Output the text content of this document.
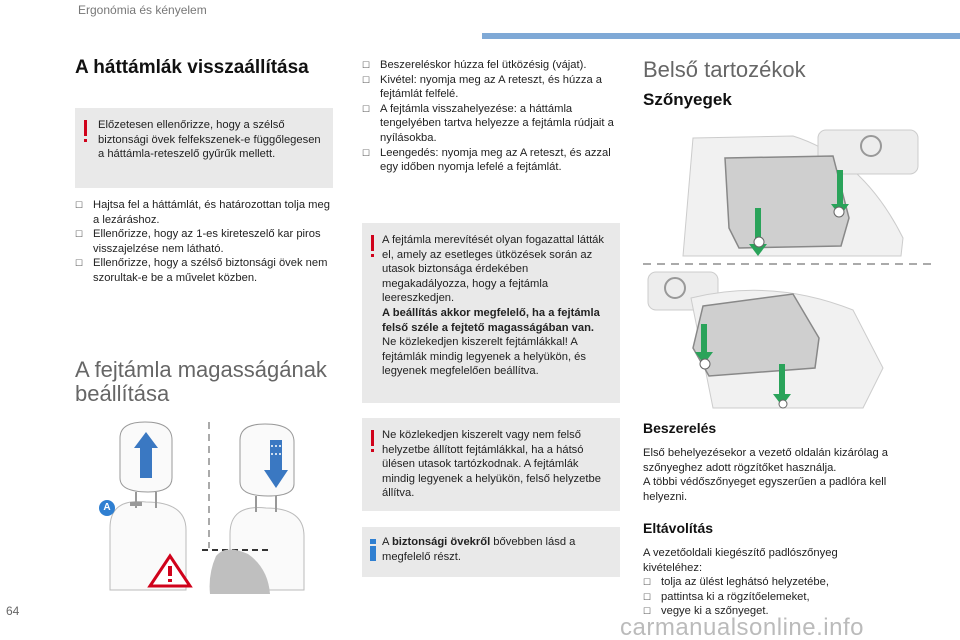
Ergonómia és kényelem
A háttámlák visszaállítása
Előzetesen ellenőrizze, hogy a szélső biztonsági övek felfekszenek-e függőlegesen a háttámla-reteszelő gyűrűk mellett.
☐ Hajtsa fel a háttámlát, és határozottan tolja meg a lezáráshoz.
☐ Ellenőrizze, hogy az 1-es kireteszelő kar piros visszajelzése nem látható.
☐ Ellenőrizze, hogy a szélső biztonsági övek nem szorultak-e be a művelet közben.
A fejtámla magasságának beállítása
A
☐ Beszereléskor húzza fel ütközésig (vájat).
☐ Kivétel: nyomja meg az A reteszt, és húzza a fejtámlát felfelé.
☐ A fejtámla visszahelyezése: a háttámla tengelyében tartva helyezze a fejtámla rúdjait a nyílásokba.
☐ Leengedés: nyomja meg az A reteszt, és azzal egy időben nyomja lefelé a fejtámlát.
A fejtámla merevítését olyan fogazattal látták el, amely az esetleges ütközések során az utasok biztonsága érdekében megakadályozza, hogy a fejtámla leereszkedjen.
A beállítás akkor megfelelő, ha a fejtámla felső széle a fejtető magasságában van.
Ne közlekedjen kiszerelt fejtámlákkal! A fejtámlák mindig legyenek a helyükön, és legyenek megfelelően beállítva.
Ne közlekedjen kiszerelt vagy nem felső helyzetbe állított fejtámlákkal, ha a hátsó ülésen utasok tartózkodnak. A fejtámlák mindig legyenek a helyükön, felső helyzetbe állítva.
A biztonsági övekről bővebben lásd a megfelelő részt.
Belső tartozékok
Szőnyegek
Beszerelés
Első behelyezésekor a vezető oldalán kizárólag a szőnyeghez adott rögzítőket használja.
A többi védőszőnyeget egyszerűen a padlóra kell helyezni.
Eltávolítás
A vezetőoldali kiegészítő padlószőnyeg kivételéhez:
☐ tolja az ülést leghátsó helyzetébe,
☐ pattintsa ki a rögzítőelemeket,
☐ vegye ki a szőnyeget.
64
carmanualsonline.info
